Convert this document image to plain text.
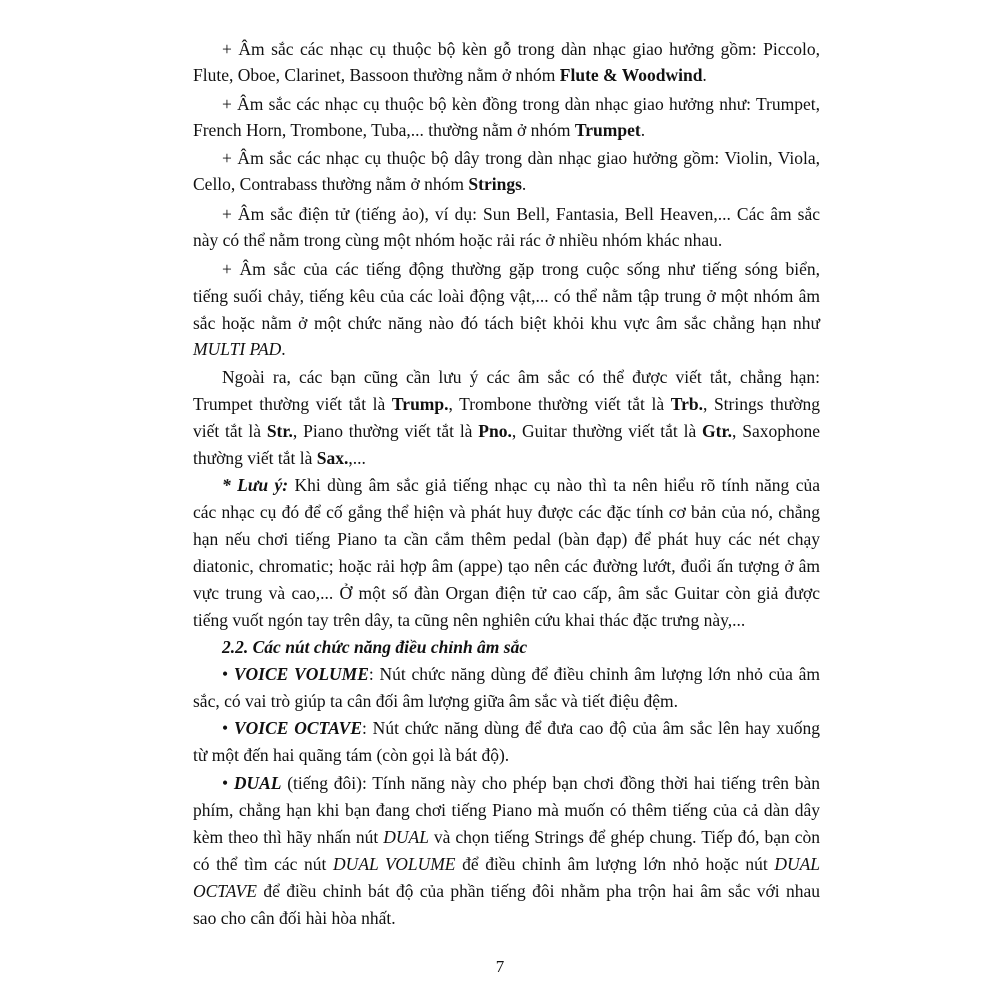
+ Âm sắc các nhạc cụ thuộc bộ kèn gỗ trong dàn nhạc giao hưởng gồm: Piccolo,
Flute, Oboe, Clarinet, Bassoon thường nằm ở nhóm Flute & Woodwind.
+ Âm sắc các nhạc cụ thuộc bộ kèn đồng trong dàn nhạc giao hưởng như: Trumpet,
French Horn, Trombone, Tuba,... thường nằm ở nhóm Trumpet.
+ Âm sắc các nhạc cụ thuộc bộ dây trong dàn nhạc giao hưởng gồm: Violin, Viola,
Cello, Contrabass thường nằm ở nhóm Strings.
+ Âm sắc điện tử (tiếng ảo), ví dụ: Sun Bell, Fantasia, Bell Heaven,... Các âm sắc
này có thể nằm trong cùng một nhóm hoặc rải rác ở nhiều nhóm khác nhau.
+ Âm sắc của các tiếng động thường gặp trong cuộc sống như tiếng sóng biển,
tiếng suối chảy, tiếng kêu của các loài động vật,... có thể nằm tập trung ở một nhóm âm
sắc hoặc nằm ở một chức năng nào đó tách biệt khỏi khu vực âm sắc chẳng hạn như
MULTI PAD.
Ngoài ra, các bạn cũng cần lưu ý các âm sắc có thể được viết tắt, chẳng hạn:
Trumpet thường viết tắt là Trump., Trombone thường viết tắt là Trb., Strings thường
viết tắt là Str., Piano thường viết tắt là Pno., Guitar thường viết tắt là Gtr., Saxophone
thường viết tắt là Sax.,...
* Lưu ý: Khi dùng âm sắc giả tiếng nhạc cụ nào thì ta nên hiểu rõ tính năng của
các nhạc cụ đó để cố gắng thể hiện và phát huy được các đặc tính cơ bản của nó, chẳng
hạn nếu chơi tiếng Piano ta cần cắm thêm pedal (bàn đạp) để phát huy các nét chạy
diatonic, chromatic; hoặc rải hợp âm (appe) tạo nên các đường lướt, đuổi ấn tượng ở âm
vực trung và cao,... Ở một số đàn Organ điện tử cao cấp, âm sắc Guitar còn giả được
tiếng vuốt ngón tay trên dây, ta cũng nên nghiên cứu khai thác đặc trưng này,...
2.2. Các nút chức năng điều chỉnh âm sắc
• VOICE VOLUME: Nút chức năng dùng để điều chỉnh âm lượng lớn nhỏ của âm
sắc, có vai trò giúp ta cân đối âm lượng giữa âm sắc và tiết điệu đệm.
• VOICE OCTAVE: Nút chức năng dùng để đưa cao độ của âm sắc lên hay xuống
từ một đến hai quãng tám (còn gọi là bát độ).
• DUAL (tiếng đôi): Tính năng này cho phép bạn chơi đồng thời hai tiếng trên bàn
phím, chẳng hạn khi bạn đang chơi tiếng Piano mà muốn có thêm tiếng của cả dàn dây
kèm theo thì hãy nhấn nút DUAL và chọn tiếng Strings để ghép chung. Tiếp đó, bạn còn
có thể tìm các nút DUAL VOLUME để điều chỉnh âm lượng lớn nhỏ hoặc nút DUAL
OCTAVE để điều chỉnh bát độ của phần tiếng đôi nhằm pha trộn hai âm sắc với nhau
sao cho cân đối hài hòa nhất.
7
